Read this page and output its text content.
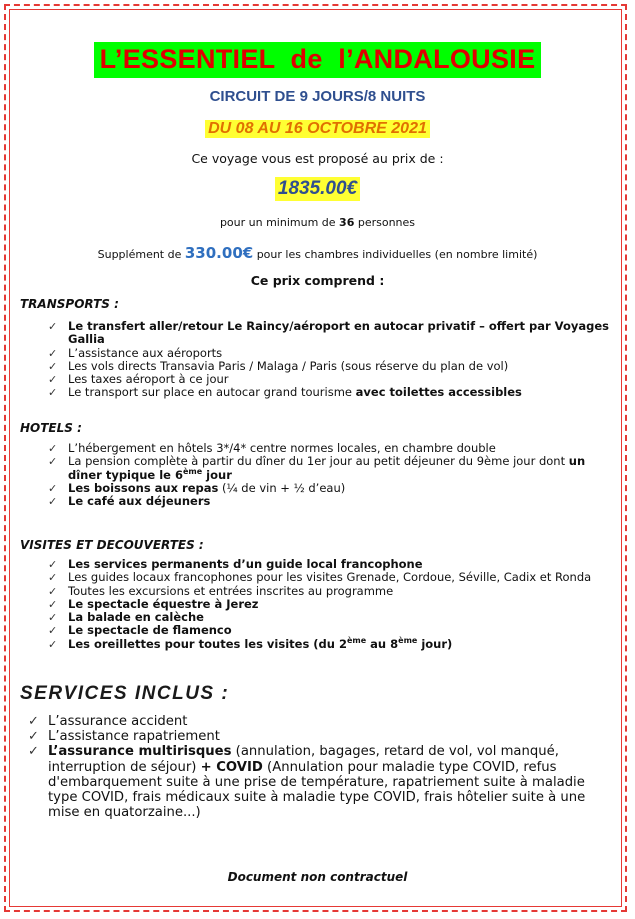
L’ESSENTIEL  de  l’ANDALOUSIE
CIRCUIT DE 9 JOURS/8 NUITS
DU 08 AU 16 OCTOBRE 2021
Ce voyage vous est proposé au prix de :
1835.00€
pour un minimum de 36 personnes
Supplément de 330.00€ pour les chambres individuelles (en nombre limité)
Ce prix comprend :
TRANSPORTS :
✓ Le transfert aller/retour Le Raincy/aéroport en autocar privatif – offert par Voyages Gallia
✓ L’assistance aux aéroports
✓ Les vols directs Transavia Paris / Malaga / Paris (sous réserve du plan de vol)
✓ Les taxes aéroport à ce jour
✓ Le transport sur place en autocar grand tourisme avec toilettes accessibles
HOTELS :
✓ L’hébergement en hôtels 3*/4* centre normes locales, en chambre double
✓ La pension complète à partir du dîner du 1er jour au petit déjeuner du 9ème jour dont un dîner typique le 6ème jour
✓ Les boissons aux repas (¼ de vin + ½ d’eau)
✓ Le café aux déjeuners
VISITES ET DECOUVERTES :
✓ Les services permanents d’un guide local francophone
✓ Les guides locaux francophones pour les visites Grenade, Cordoue, Séville, Cadix et Ronda
✓ Toutes les excursions et entrées inscrites au programme
✓ Le spectacle équestre à Jerez
✓ La balade en calèche
✓ Le spectacle de flamenco
✓ Les oreillettes pour toutes les visites (du 2ème au 8ème jour)
SERVICES INCLUS :
✓ L’assurance accident
✓ L’assistance rapatriement
✓ L’assurance multirisques (annulation, bagages, retard de vol, vol manqué, interruption de séjour) + COVID (Annulation pour maladie type COVID, refus d'embarquement suite à une prise de température, rapatriement suite à maladie type COVID, frais médicaux suite à maladie type COVID, frais hôtelier suite à une mise en quatorzaine...)
Document non contractuel
